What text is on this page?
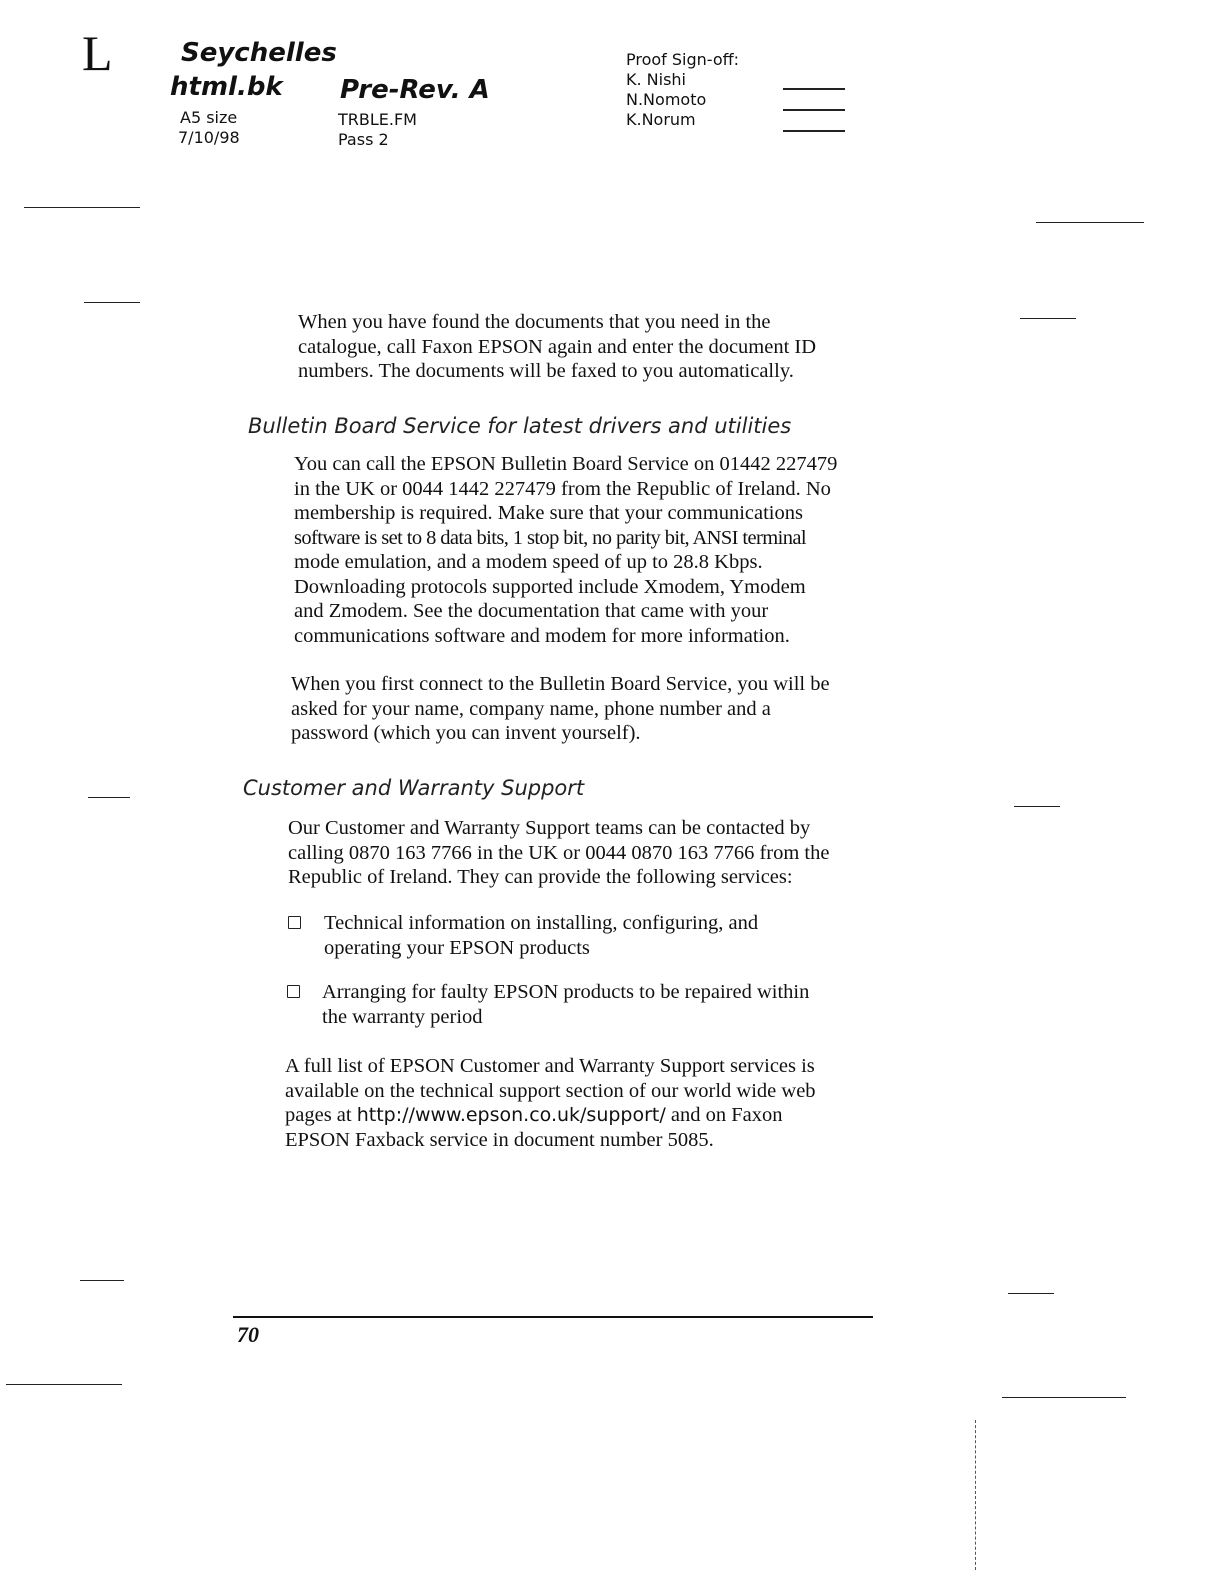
L	Seychelles
html.bk Pre-Rev. A
A5 size
7/10/98
TRBLE.FM
Pass 2
Proof Sign-off:
K. Nishi
N.Nomoto
K.Norum
When you have found the documents that you need in the
catalogue, call Faxon EPSON again and enter the document ID
numbers. The documents will be faxed to you automatically.
Bulletin Board Service for latest drivers and utilities
You can call the EPSON Bulletin Board Service on 01442 227479
in the UK or 0044 1442 227479 from the Republic of Ireland. No
membership is required. Make sure that your communications
software is set to 8 data bits, 1 stop bit, no parity bit, ANSI terminal
mode emulation, and a modem speed of up to 28.8 Kbps.
Downloading protocols supported include Xmodem, Ymodem
and Zmodem. See the documentation that came with your
communications software and modem for more information.
When you first connect to the Bulletin Board Service, you will be
asked for your name, company name, phone number and a
password (which you can invent yourself).
Customer and Warranty Support
Our Customer and Warranty Support teams can be contacted by
calling 0870 163 7766 in the UK or 0044 0870 163 7766 from the
Republic of Ireland. They can provide the following services:
Technical information on installing, configuring, and
operating your EPSON products
Arranging for faulty EPSON products to be repaired within
the warranty period
A full list of EPSON Customer and Warranty Support services is
available on the technical support section of our world wide web
pages at http://www.epson.co.uk/support/ and on Faxon
EPSON Faxback service in document number 5085.
70
